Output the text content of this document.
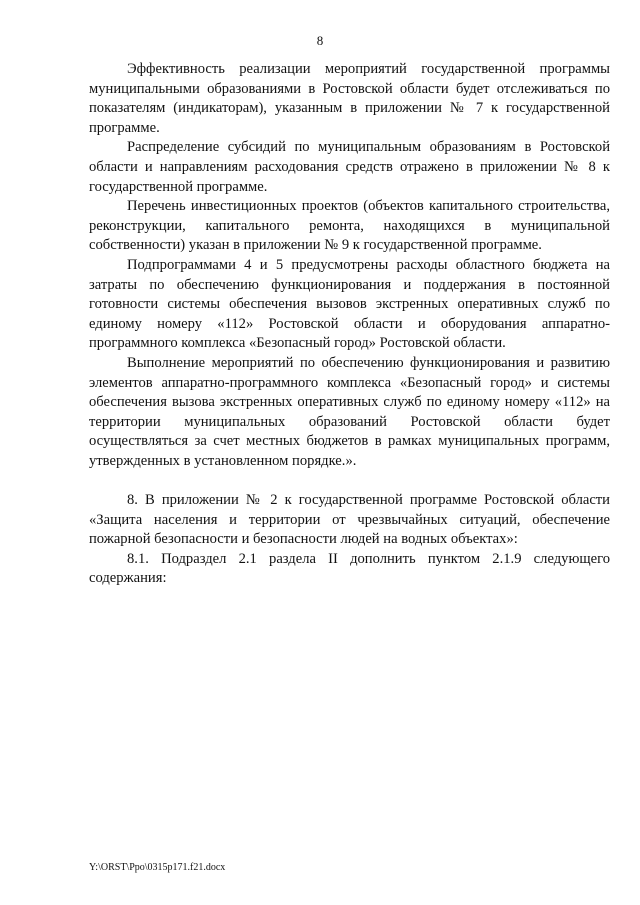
8

Эффективность реализации мероприятий государственной программы муниципальными образованиями в Ростовской области будет отслеживаться по показателям (индикаторам), указанным в приложении № 7 к государственной программе.

Распределение субсидий по муниципальным образованиям в Ростовской области и направлениям расходования средств отражено в приложении № 8 к государственной программе.

Перечень инвестиционных проектов (объектов капитального строительства, реконструкции, капитального ремонта, находящихся в муниципальной собственности) указан в приложении № 9 к государственной программе.

Подпрограммами 4 и 5 предусмотрены расходы областного бюджета на затраты по обеспечению функционирования и поддержания в постоянной готовности системы обеспечения вызовов экстренных оперативных служб по единому номеру «112» Ростовской области и оборудования аппаратно-программного комплекса «Безопасный город» Ростовской области.

Выполнение мероприятий по обеспечению функционирования и развитию элементов аппаратно-программного комплекса «Безопасный город» и системы обеспечения вызова экстренных оперативных служб по единому номеру «112» на территории муниципальных образований Ростовской области будет осуществляться за счет местных бюджетов в рамках муниципальных программ, утвержденных в установленном порядке.».

8. В приложении № 2 к государственной программе Ростовской области «Защита населения и территории от чрезвычайных ситуаций, обеспечение пожарной безопасности и безопасности людей на водных объектах»:

8.1. Подраздел 2.1 раздела II дополнить пунктом 2.1.9 следующего содержания:

Y:\ORST\Ppo\0315p171.f21.docx
